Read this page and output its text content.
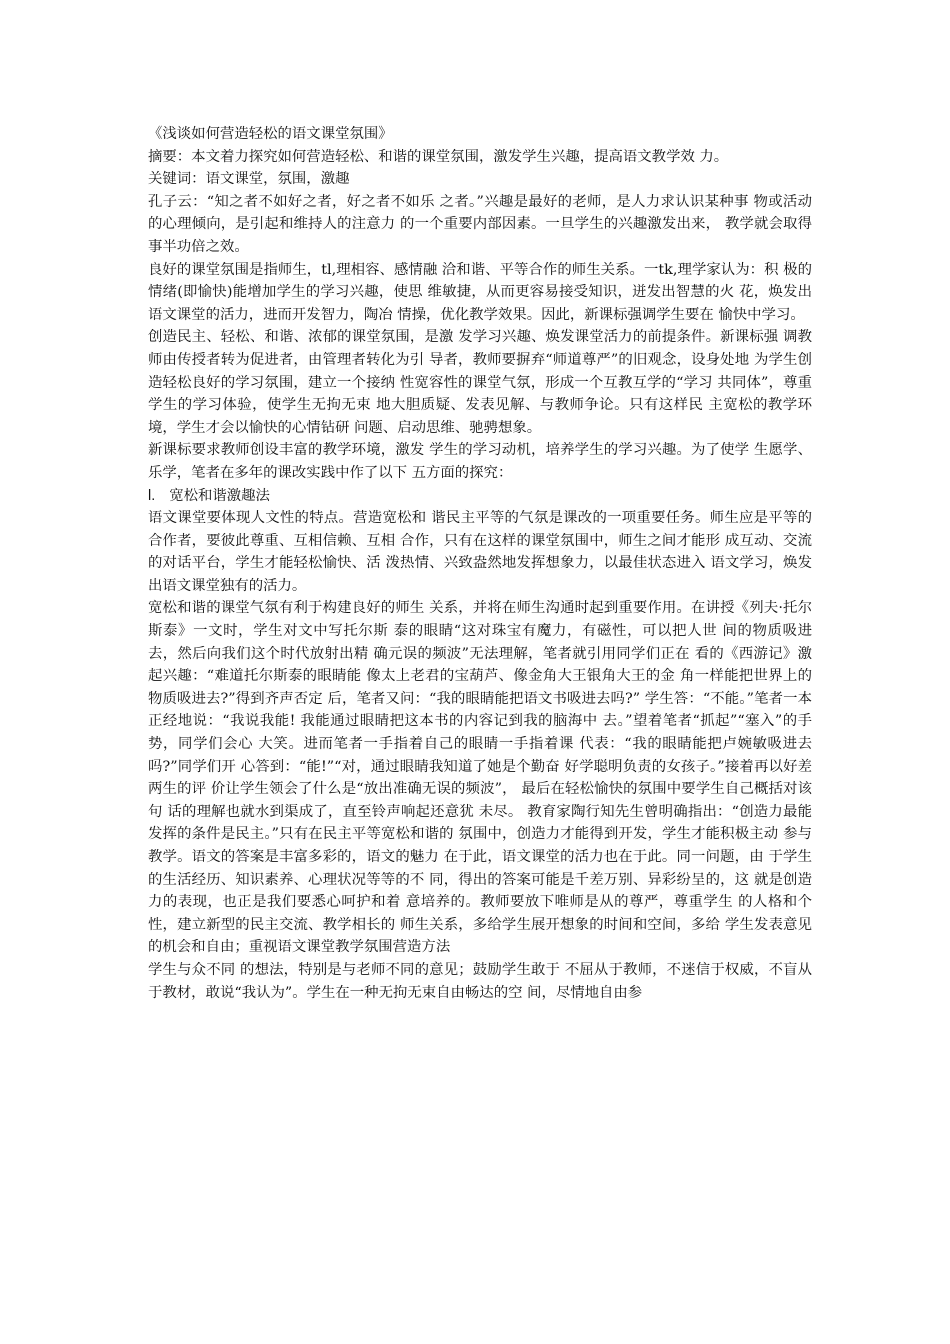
《浅谈如何营造轻松的语文课堂氛围》

摘要：本文着力探究如何营造轻松、和谐的课堂氛围，激发学生兴趣，提高语文教学效 力。

关键词：语文课堂，氛围，激趣

孔子云：“知之者不如好之者，好之者不如乐 之者。”兴趣是最好的老师，是人力求认识某种事 物或活动的心理倾向，是引起和维持人的注意力 的一个重要内部因素。一旦学生的兴趣激发出来， 教学就会取得事半功倍之效。

良好的课堂氛围是指师生，tl,理相容、感情融 洽和谐、平等合作的师生关系。一tk,理学家认为：积 极的情绪(即愉快)能增加学生的学习兴趣，使思 维敏捷，从而更容易接受知识，迸发出智慧的火 花，焕发出语文课堂的活力，进而开发智力，陶冶 情操，优化教学效果。因此，新课标强调学生要在 愉快中学习。

创造民主、轻松、和谐、浓郁的课堂氛围，是激 发学习兴趣、焕发课堂活力的前提条件。新课标强 调教师由传授者转为促进者，由管理者转化为引 导者，教师要摒弃“师道尊严”的旧观念，设身处地 为学生创造轻松良好的学习氛围，建立一个接纳 性宽容性的课堂气氛，形成一个互教互学的“学习 共同体”，尊重学生的学习体验，使学生无拘无束 地大胆质疑、发表见解、与教师争论。只有这样民 主宽松的教学环境，学生才会以愉快的心情钻研 问题、启动思维、驰骋想象。

新课标要求教师创设丰富的教学环境，激发 学生的学习动机，培养学生的学习兴趣。为了使学 生愿学、乐学，笔者在多年的课改实践中作了以下 五方面的探究：

l. 宽松和谐激趣法

语文课堂要体现人文性的特点。营造宽松和 谐民主平等的气氛是课改的一项重要任务。师生应是平等的合作者，要彼此尊重、互相信赖、互相 合作，只有在这样的课堂氛围中，师生之间才能形 成互动、交流的对话平台，学生才能轻松愉快、活 泼热情、兴致盎然地发挥想象力，以最佳状态进入 语文学习，焕发出语文课堂独有的活力。

宽松和谐的课堂气氛有利于构建良好的师生 关系，并将在师生沟通时起到重要作用。在讲授《列夫·托尔斯泰》一文时，学生对文中写托尔斯 泰的眼睛“这对珠宝有魔力，有磁性，可以把人世 间的物质吸进去，然后向我们这个时代放射出精 确元误的频波”无法理解，笔者就引用同学们正在 看的《西游记》激起兴趣：“难道托尔斯泰的眼睛能 像太上老君的宝葫芦、像金角大王银角大王的金 角一样能把世界上的物质吸进去?”得到齐声否定 后，笔者又问：“我的眼睛能把语文书吸进去吗?” 学生答：“不能。”笔者一本正经地说：“我说我能! 我能通过眼睛把这本书的内容记到我的脑海中 去。”望着笔者“抓起”“塞入”的手势，同学们会心 大笑。进而笔者一手指着自己的眼睛一手指着课 代表：“我的眼睛能把卢婉敏吸进去吗?”同学们开 心答到：“能!”“对，通过眼睛我知道了她是个勤奋 好学聪明负责的女孩子。”接着再以好差两生的评 价让学生领会了什么是“放出准确无误的频波”， 最后在轻松愉快的氛围中要学生自己概括对该句 话的理解也就水到渠成了，直至铃声响起还意犹 未尽。 教育家陶行知先生曾明确指出：“创造力最能 发挥的条件是民主。”只有在民主平等宽松和谐的 氛围中，创造力才能得到开发，学生才能积极主动 参与教学。语文的答案是丰富多彩的，语文的魅力 在于此，语文课堂的活力也在于此。同一问题，由 于学生的生活经历、知识素养、心理状况等等的不 同，得出的答案可能是千差万别、异彩纷呈的，这 就是创造力的表现，也正是我们要悉心呵护和着 意培养的。教师要放下唯师是从的尊严，尊重学生 的人格和个性，建立新型的民主交流、教学相长的 师生关系，多给学生展开想象的时间和空间，多给 学生发表意见的机会和自由；重视语文课堂教学氛围营造方法

学生与众不同 的想法，特别是与老师不同的意见；鼓励学生敢于 不屈从于教师，不迷信于权威，不盲从于教材，敢说“我认为”。学生在一种无拘无束自由畅达的空 间，尽情地自由参
